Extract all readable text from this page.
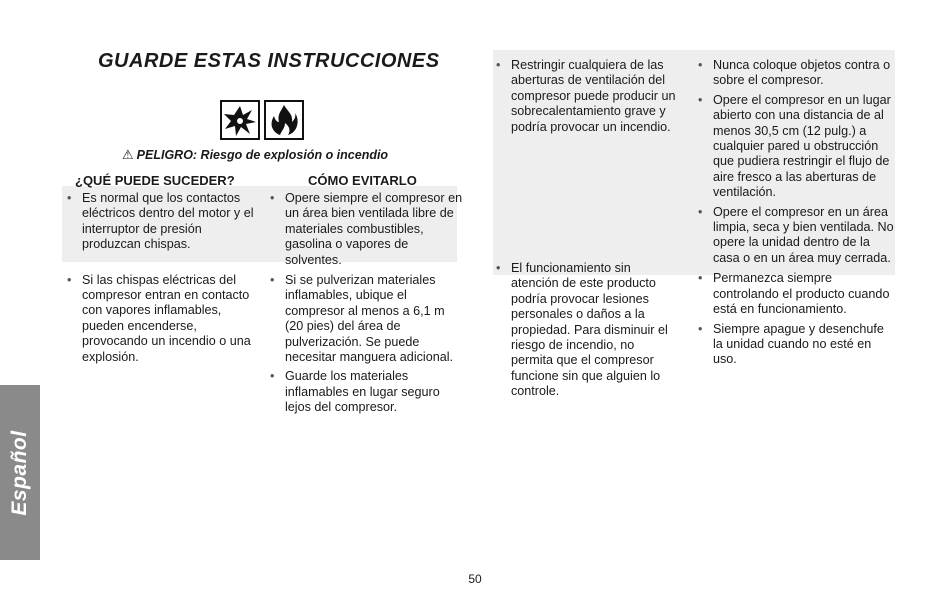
GUARDE ESTAS INSTRUCCIONES

⚠ PELIGRO: Riesgo de explosión o incendio

¿QUÉ PUEDE SUCEDER?	CÓMO EVITARLO
• Es normal que los contactos eléctricos dentro del motor y el interruptor de presión produzcan chispas.
• Si las chispas eléctricas del compresor entran en contacto con vapores inflamables, pueden encenderse, provocando un incendio o una explosión.
• Opere siempre el compresor en un área bien ventilada libre de materiales combustibles, gasolina o vapores de solventes.
• Si se pulverizan materiales inflamables, ubique el compresor al menos a 6,1 m (20 pies) del área de pulverización. Se puede necesitar manguera adicional.
• Guarde los materiales inflamables en lugar seguro lejos del compresor.
• Restringir cualquiera de las aberturas de ventilación del compresor puede producir un sobrecalentamiento grave y podría provocar un incendio.
• El funcionamiento sin atención de este producto podría provocar lesiones personales o daños a la propiedad. Para disminuir el riesgo de incendio, no permita que el compresor funcione sin que alguien lo controle.
• Nunca coloque objetos contra o sobre el compresor.
• Opere el compresor en un lugar abierto con una distancia de al menos 30,5 cm (12 pulg.) a cualquier pared u obstrucción que pudiera restringir el flujo de aire fresco a las aberturas de ventilación.
• Opere el compresor en un área limpia, seca y bien ventilada. No opere la unidad dentro de la casa o en un área muy cerrada.
• Permanezca siempre controlando el producto cuando está en funcionamiento.
• Siempre apague y desenchufe la unidad cuando no esté en uso.
Español

50
